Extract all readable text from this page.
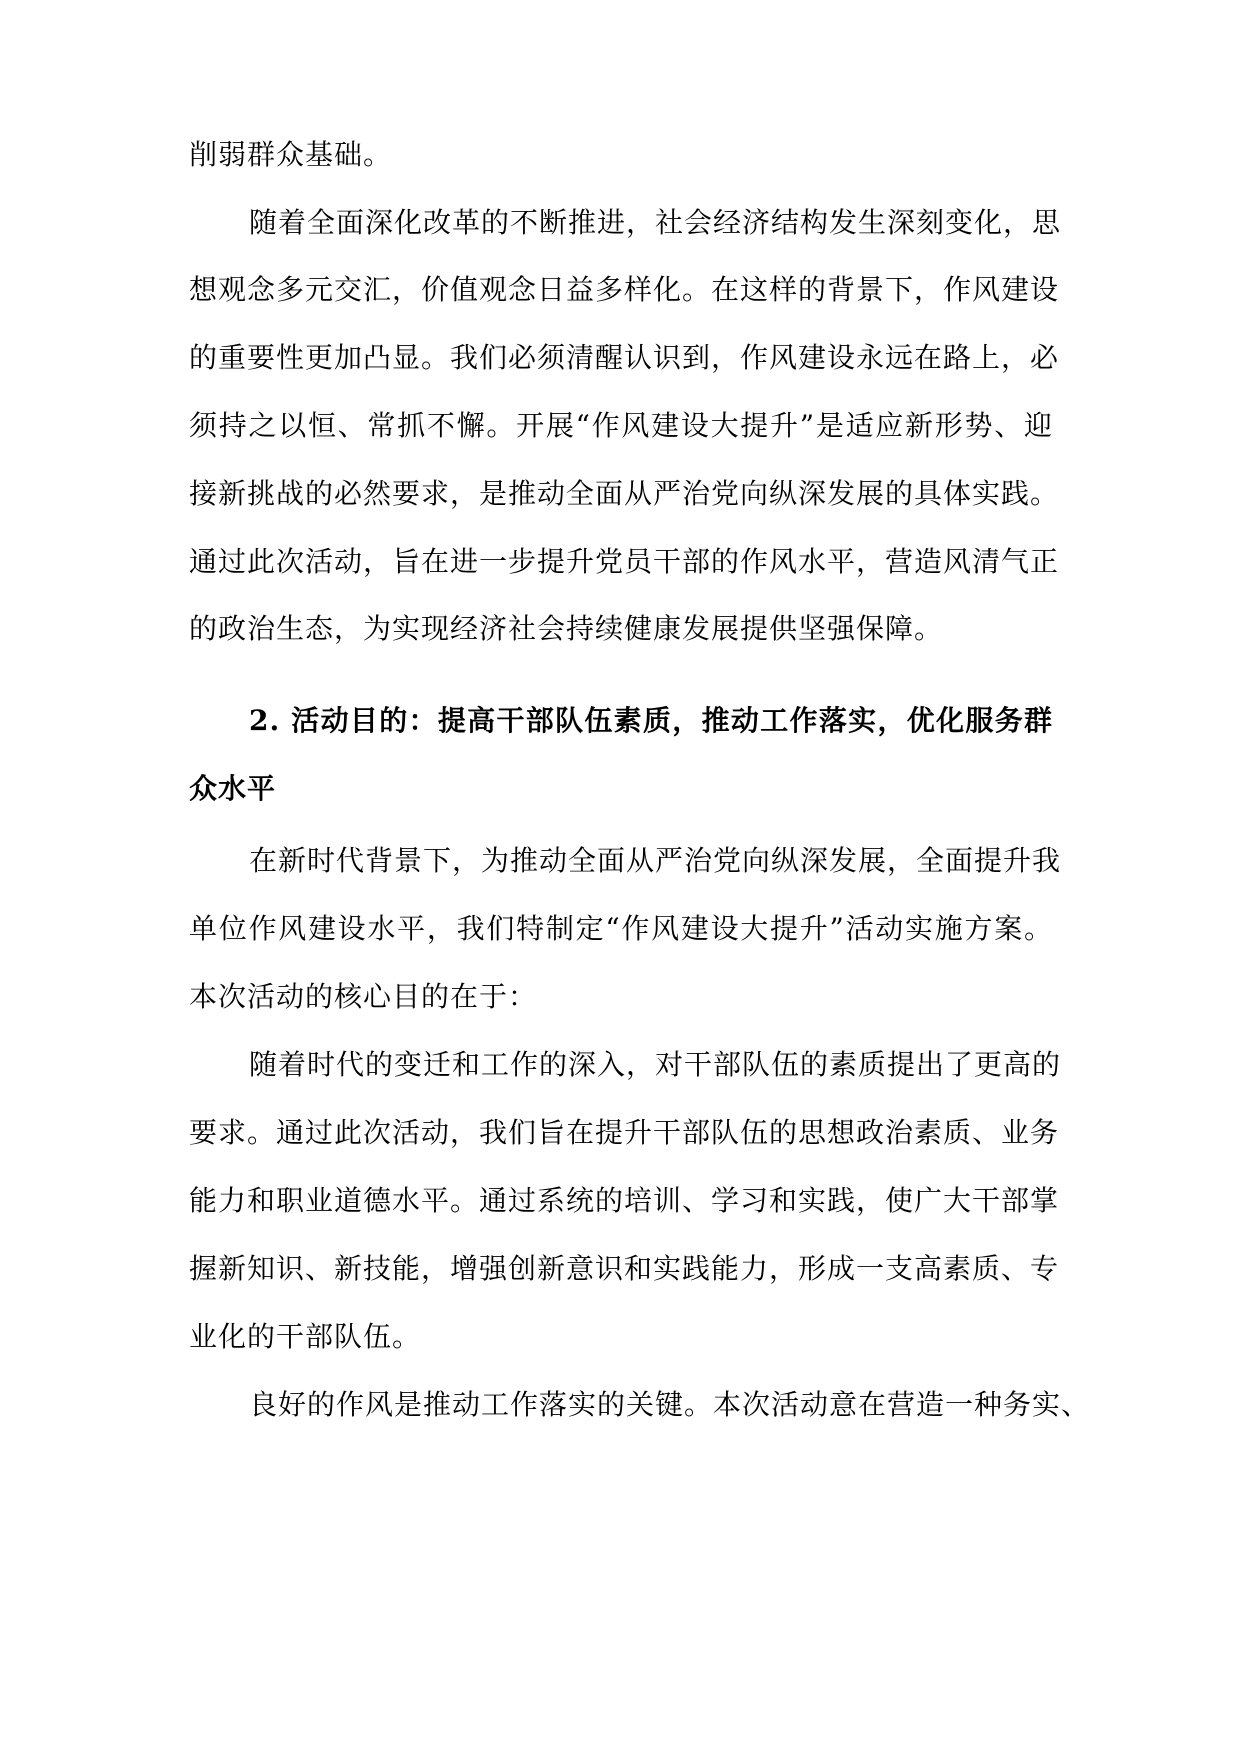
削弱群众基础。
随着全面深化改革的不断推进，社会经济结构发生深刻变化，思
想观念多元交汇，价值观念日益多样化。在这样的背景下，作风建设
的重要性更加凸显。我们必须清醒认识到，作风建设永远在路上，必
须持之以恒、常抓不懈。开展“作风建设大提升”是适应新形势、迎
接新挑战的必然要求，是推动全面从严治党向纵深发展的具体实践。
通过此次活动，旨在进一步提升党员干部的作风水平，营造风清气正
的政治生态，为实现经济社会持续健康发展提供坚强保障。
2. 活动目的：提高干部队伍素质，推动工作落实，优化服务群
众水平
在新时代背景下，为推动全面从严治党向纵深发展，全面提升我
单位作风建设水平，我们特制定“作风建设大提升”活动实施方案。
本次活动的核心目的在于：
随着时代的变迁和工作的深入，对干部队伍的素质提出了更高的
要求。通过此次活动，我们旨在提升干部队伍的思想政治素质、业务
能力和职业道德水平。通过系统的培训、学习和实践，使广大干部掌
握新知识、新技能，增强创新意识和实践能力，形成一支高素质、专
业化的干部队伍。
良好的作风是推动工作落实的关键。本次活动意在营造一种务实、
